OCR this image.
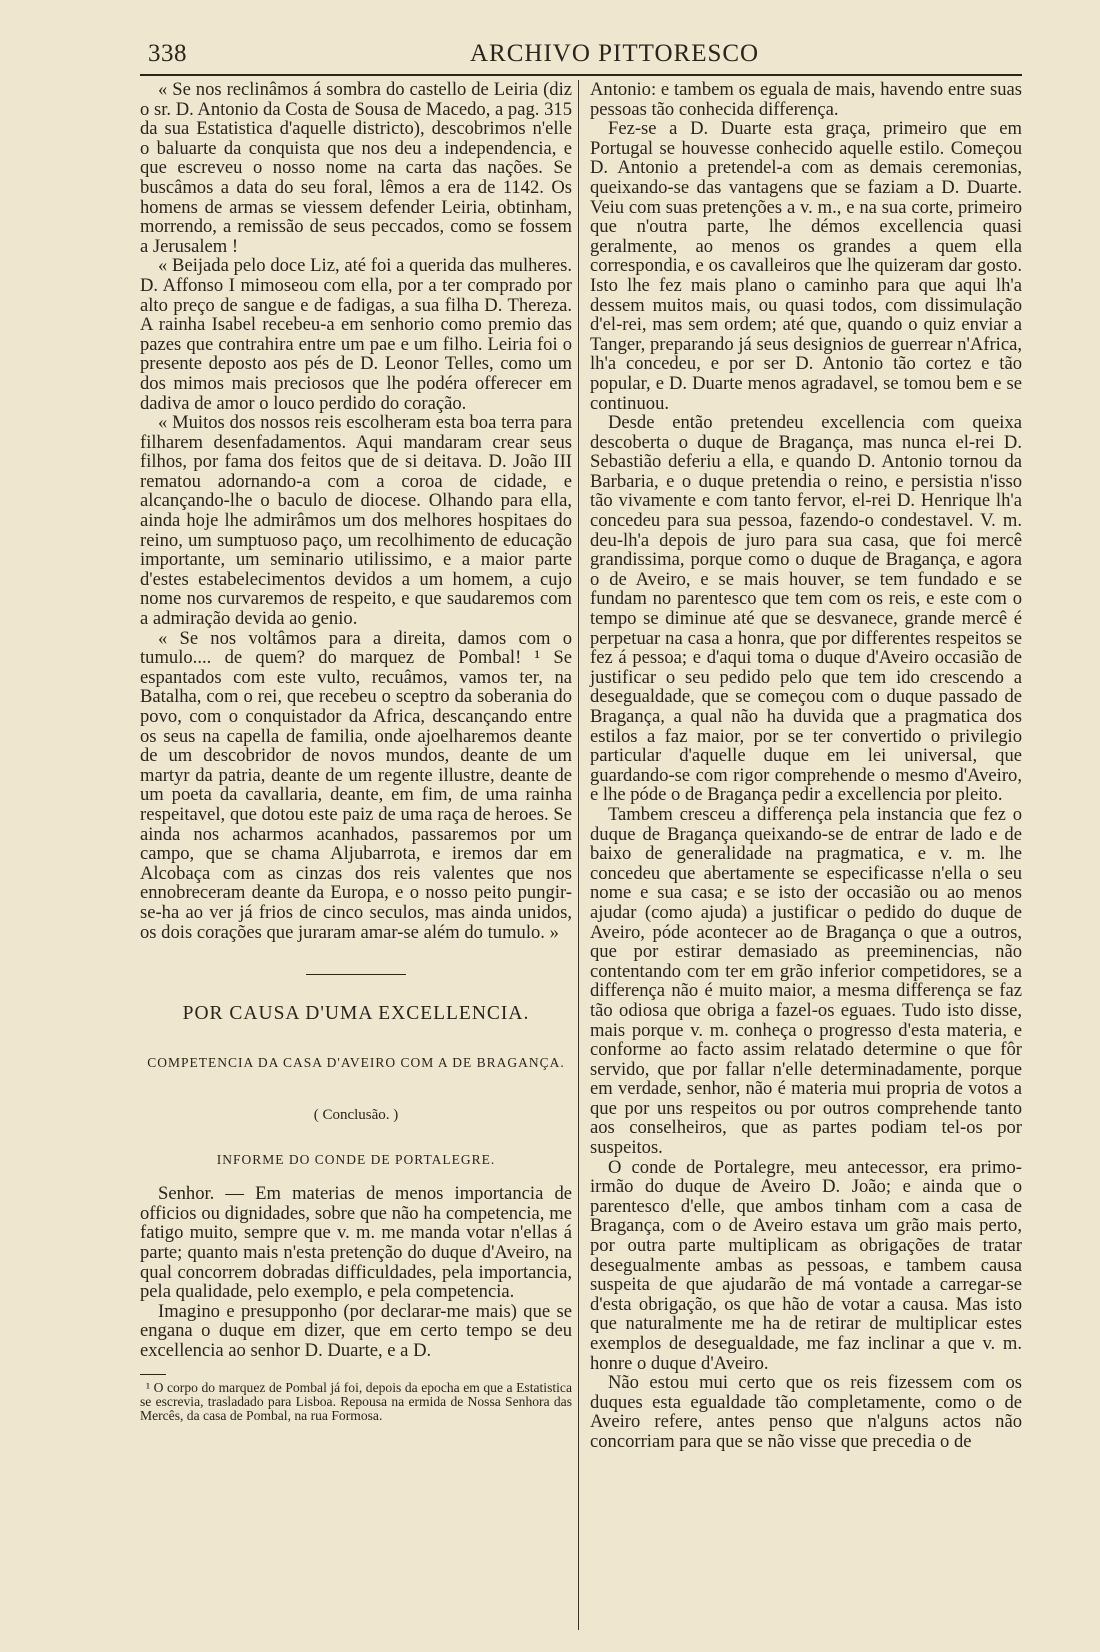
338	ARCHIVO PITTORESCO

« Se nos reclinâmos á sombra do castello de Leiria (diz o sr. D. Antonio da Costa de Sousa de Macedo, a pag. 315 da sua Estatistica d'aquelle districto), descobrimos n'elle o baluarte da conquista que nos deu a independencia, e que escreveu o nosso nome na carta das nações. Se buscâmos a data do seu foral, lêmos a era de 1142. Os homens de armas se viessem defender Leiria, obtinham, morrendo, a remissão de seus peccados, como se fossem a Jerusalem !

« Beijada pelo doce Liz, até foi a querida das mulheres. D. Affonso I mimoseou com ella, por a ter comprado por alto preço de sangue e de fadigas, a sua filha D. Thereza. A rainha Isabel recebeu-a em senhorio como premio das pazes que contrahira entre um pae e um filho. Leiria foi o presente deposto aos pés de D. Leonor Telles, como um dos mimos mais preciosos que lhe podéra offerecer em dadiva de amor o louco perdido do coração.

« Muitos dos nossos reis escolheram esta boa terra para filharem desenfadamentos. Aqui mandaram crear seus filhos, por fama dos feitos que de si deitava. D. João III rematou adornando-a com a coroa de cidade, e alcançando-lhe o baculo de diocese. Olhando para ella, ainda hoje lhe admirâmos um dos melhores hospitaes do reino, um sumptuoso paço, um recolhimento de educação importante, um seminario utilissimo, e a maior parte d'estes estabelecimentos devidos a um homem, a cujo nome nos curvaremos de respeito, e que saudaremos com a admiração devida ao genio.

« Se nos voltâmos para a direita, damos com o tumulo.... de quem? do marquez de Pombal! ¹ Se espantados com este vulto, recuâmos, vamos ter, na Batalha, com o rei, que recebeu o sceptro da soberania do povo, com o conquistador da Africa, descançando entre os seus na capella de familia, onde ajoelharemos deante de um descobridor de novos mundos, deante de um martyr da patria, deante de um regente illustre, deante de um poeta da cavallaria, deante, em fim, de uma rainha respeitavel, que dotou este paiz de uma raça de heroes. Se ainda nos acharmos acanhados, passaremos por um campo, que se chama Aljubarrota, e iremos dar em Alcobaça com as cinzas dos reis valentes que nos ennobreceram deante da Europa, e o nosso peito pungir-se-ha ao ver já frios de cinco seculos, mas ainda unidos, os dois corações que juraram amar-se além do tumulo. »

POR CAUSA D'UMA EXCELLENCIA.
COMPETENCIA DA CASA D'AVEIRO COM A DE BRAGANÇA.
( Conclusão. )
INFORME DO CONDE DE PORTALEGRE.

Senhor. — Em materias de menos importancia de officios ou dignidades, sobre que não ha competencia, me fatigo muito, sempre que v. m. me manda votar n'ellas á parte; quanto mais n'esta pretenção do duque d'Aveiro, na qual concorrem dobradas difficuldades, pela importancia, pela qualidade, pelo exemplo, e pela competencia.

Imagino e presupponho (por declarar-me mais) que se engana o duque em dizer, que em certo tempo se deu excellencia ao senhor D. Duarte, e a D.

¹ O corpo do marquez de Pombal já foi, depois da epocha em que a Estatistica se escrevia, trasladado para Lisboa. Repousa na ermida de Nossa Senhora das Mercês, da casa de Pombal, na rua Formosa.

Antonio: e tambem os eguala de mais, havendo entre suas pessoas tão conhecida differença.

Fez-se a D. Duarte esta graça, primeiro que em Portugal se houvesse conhecido aquelle estilo. Começou D. Antonio a pretendel-a com as demais ceremonias, queixando-se das vantagens que se faziam a D. Duarte. Veiu com suas pretenções a v. m., e na sua corte, primeiro que n'outra parte, lhe démos excellencia quasi geralmente, ao menos os grandes a quem ella correspondia, e os cavalleiros que lhe quizeram dar gosto. Isto lhe fez mais plano o caminho para que aqui lh'a dessem muitos mais, ou quasi todos, com dissimulação d'el-rei, mas sem ordem; até que, quando o quiz enviar a Tanger, preparando já seus designios de guerrear n'Africa, lh'a concedeu, e por ser D. Antonio tão cortez e tão popular, e D. Duarte menos agradavel, se tomou bem e se continuou.

Desde então pretendeu excellencia com queixa descoberta o duque de Bragança, mas nunca el-rei D. Sebastião deferiu a ella, e quando D. Antonio tornou da Barbaria, e o duque pretendia o reino, e persistia n'isso tão vivamente e com tanto fervor, el-rei D. Henrique lh'a concedeu para sua pessoa, fazendo-o condestavel. V. m. deu-lh'a depois de juro para sua casa, que foi mercê grandissima, porque como o duque de Bragança, e agora o de Aveiro, e se mais houver, se tem fundado e se fundam no parentesco que tem com os reis, e este com o tempo se diminue até que se desvanece, grande mercê é perpetuar na casa a honra, que por differentes respeitos se fez á pessoa; e d'aqui toma o duque d'Aveiro occasião de justificar o seu pedido pelo que tem ido crescendo a desegualdade, que se começou com o duque passado de Bragança, a qual não ha duvida que a pragmatica dos estilos a faz maior, por se ter convertido o privilegio particular d'aquelle duque em lei universal, que guardando-se com rigor comprehende o mesmo d'Aveiro, e lhe póde o de Bragança pedir a excellencia por pleito.

Tambem cresceu a differença pela instancia que fez o duque de Bragança queixando-se de entrar de lado e de baixo de generalidade na pragmatica, e v. m. lhe concedeu que abertamente se especificasse n'ella o seu nome e sua casa; e se isto der occasião ou ao menos ajudar (como ajuda) a justificar o pedido do duque de Aveiro, póde acontecer ao de Bragança o que a outros, que por estirar demasiado as preeminencias, não contentando com ter em grão inferior competidores, se a differença não é muito maior, a mesma differença se faz tão odiosa que obriga a fazel-os eguaes. Tudo isto disse, mais porque v. m. conheça o progresso d'esta materia, e conforme ao facto assim relatado determine o que fôr servido, que por fallar n'elle determinadamente, porque em verdade, senhor, não é materia mui propria de votos a que por uns respeitos ou por outros comprehende tanto aos conselheiros, que as partes podiam tel-os por suspeitos.

O conde de Portalegre, meu antecessor, era primo-irmão do duque de Aveiro D. João; e ainda que o parentesco d'elle, que ambos tinham com a casa de Bragança, com o de Aveiro estava um grão mais perto, por outra parte multiplicam as obrigações de tratar desegualmente ambas as pessoas, e tambem causa suspeita de que ajudarão de má vontade a carregar-se d'esta obrigação, os que hão de votar a causa. Mas isto que naturalmente me ha de retirar de multiplicar estes exemplos de desegualdade, me faz inclinar a que v. m. honre o duque d'Aveiro.

Não estou mui certo que os reis fizessem com os duques esta egualdade tão completamente, como o de Aveiro refere, antes penso que n'alguns actos não concorriam para que se não visse que precedia o de
